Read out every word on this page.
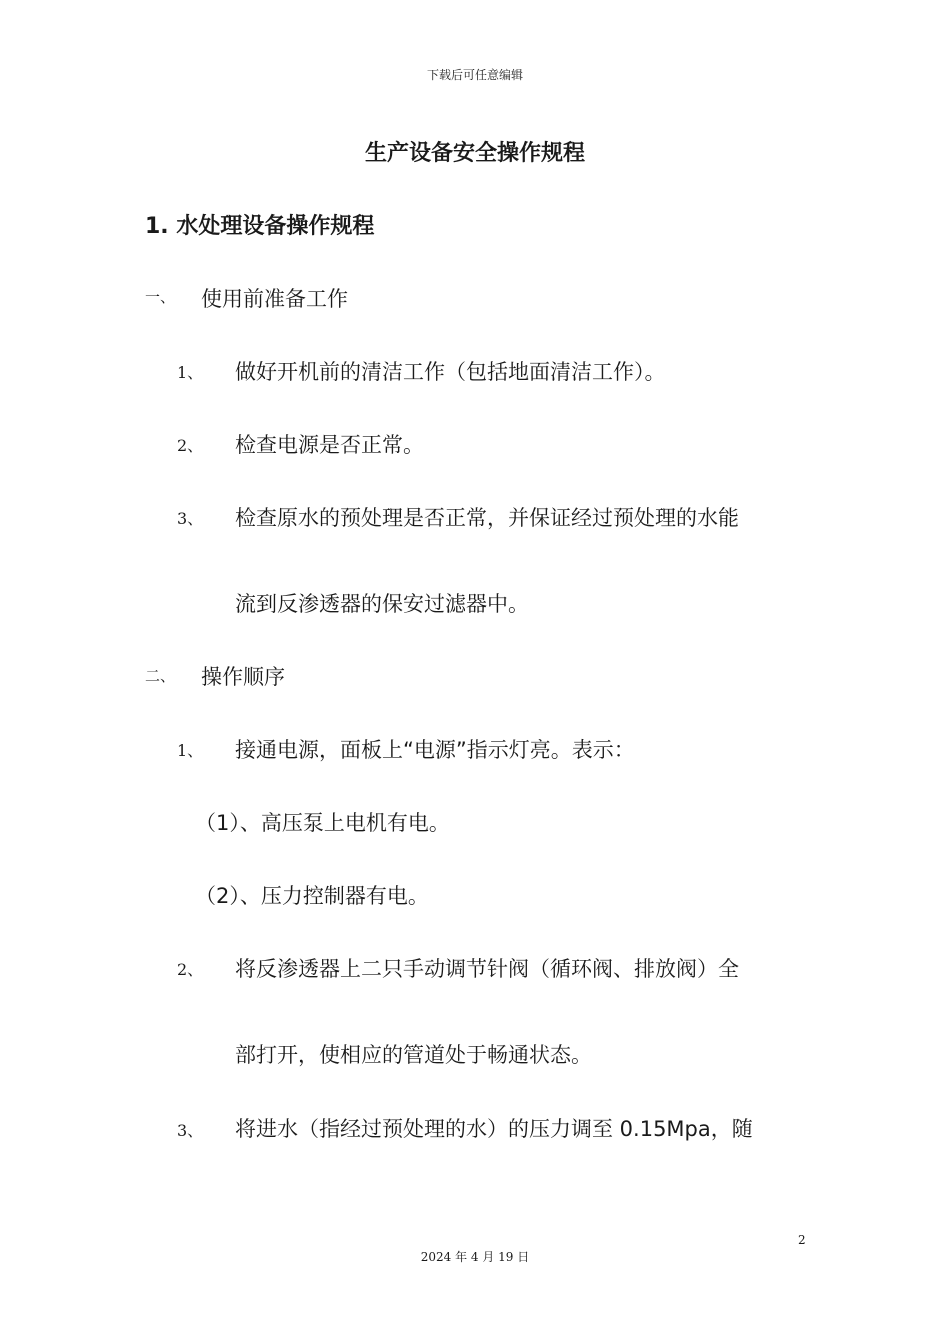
下载后可任意编辑
生产设备安全操作规程
1. 水处理设备操作规程
一、 使用前准备工作
1、 做好开机前的清洁工作（包括地面清洁工作）。
2、 检查电源是否正常。
3、 检查原水的预处理是否正常，并保证经过预处理的水能
流到反渗透器的保安过滤器中。
二、 操作顺序
1、 接通电源，面板上“电源”指示灯亮。表示：
（1）、高压泵上电机有电。
（2）、压力控制器有电。
2、 将反渗透器上二只手动调节针阀（循环阀、排放阀）全
部打开，使相应的管道处于畅通状态。
3、 将进水（指经过预处理的水）的压力调至 0.15Mpa，随
2
2024 年 4 月 19 日
